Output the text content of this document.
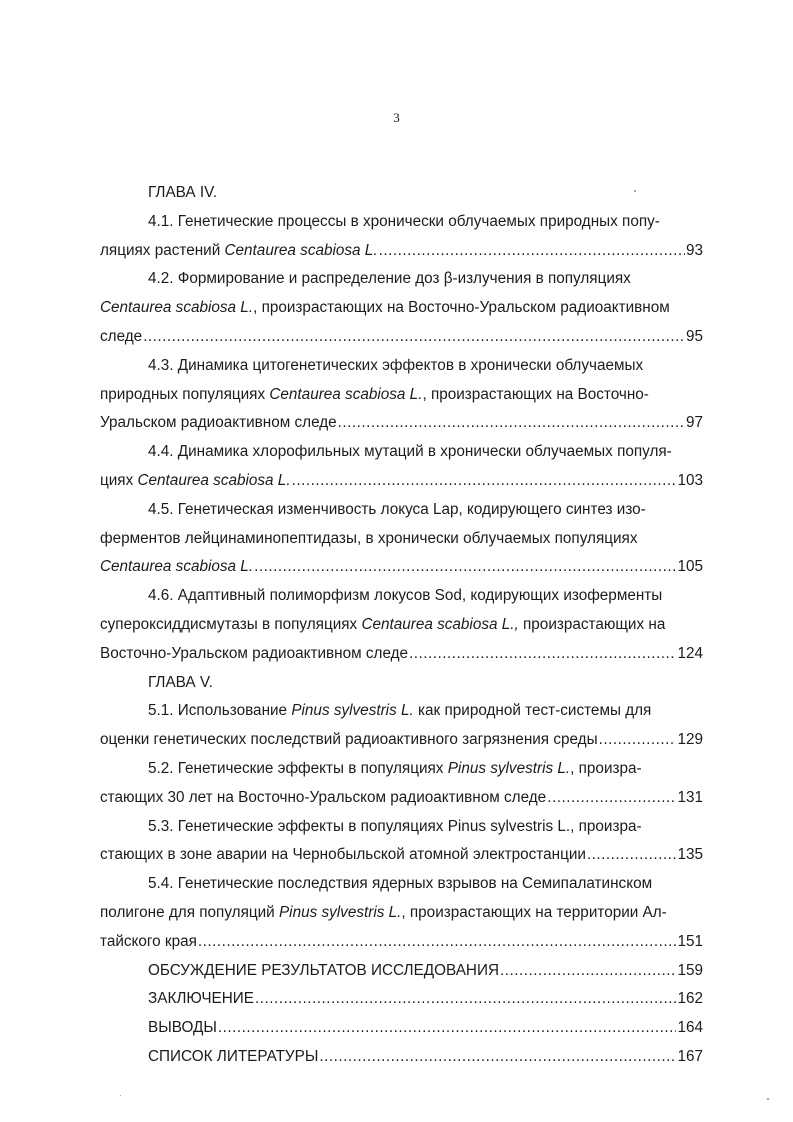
3
ГЛАВА IV.
4.1. Генетические процессы в хронически облучаемых природных попу-
ляциях растений Centaurea scabiosa L. .....	93
4.2. Формирование и распределение доз β-излучения в популяциях
Centaurea scabiosa L., произрастающих на Восточно-Уральском радиоактивном
следе .....	95
4.3. Динамика цитогенетических эффектов в хронически облучаемых
природных популяциях Centaurea scabiosa L., произрастающих на Восточно-
Уральском радиоактивном следе .....	97
4.4. Динамика хлорофильных мутаций в хронически облучаемых популя-
циях Centaurea scabiosa L. .....	103
4.5. Генетическая изменчивость локуса Lap, кодирующего синтез изо-
ферментов лейцинаминопептидазы, в хронически облучаемых популяциях
Centaurea scabiosa L. .....	105
4.6. Адаптивный полиморфизм локусов Sod, кодирующих изоферменты
супероксиддисмутазы в популяциях Centaurea scabiosa L., произрастающих на
Восточно-Уральском радиоактивном следе .....	124
ГЛАВА V.
5.1. Использование Pinus sylvestris L. как природной тест-системы для
оценки генетических последствий радиоактивного загрязнения среды .....	129
5.2. Генетические эффекты в популяциях Pinus sylvestris L., произра-
стающих 30 лет на Восточно-Уральском радиоактивном следе .....	131
5.3. Генетические эффекты в популяциях Pinus sylvestris L., произра-
стающих в зоне аварии на Чернобыльской атомной электростанции .....	135
5.4. Генетические последствия ядерных взрывов на Семипалатинском
полигоне для популяций Pinus sylvestris L., произрастающих на территории Ал-
тайского края .....	151
ОБСУЖДЕНИЕ РЕЗУЛЬТАТОВ ИССЛЕДОВАНИЯ .....	159
ЗАКЛЮЧЕНИЕ .....	162
ВЫВОДЫ .....	164
СПИСОК ЛИТЕРАТУРЫ .....	167
